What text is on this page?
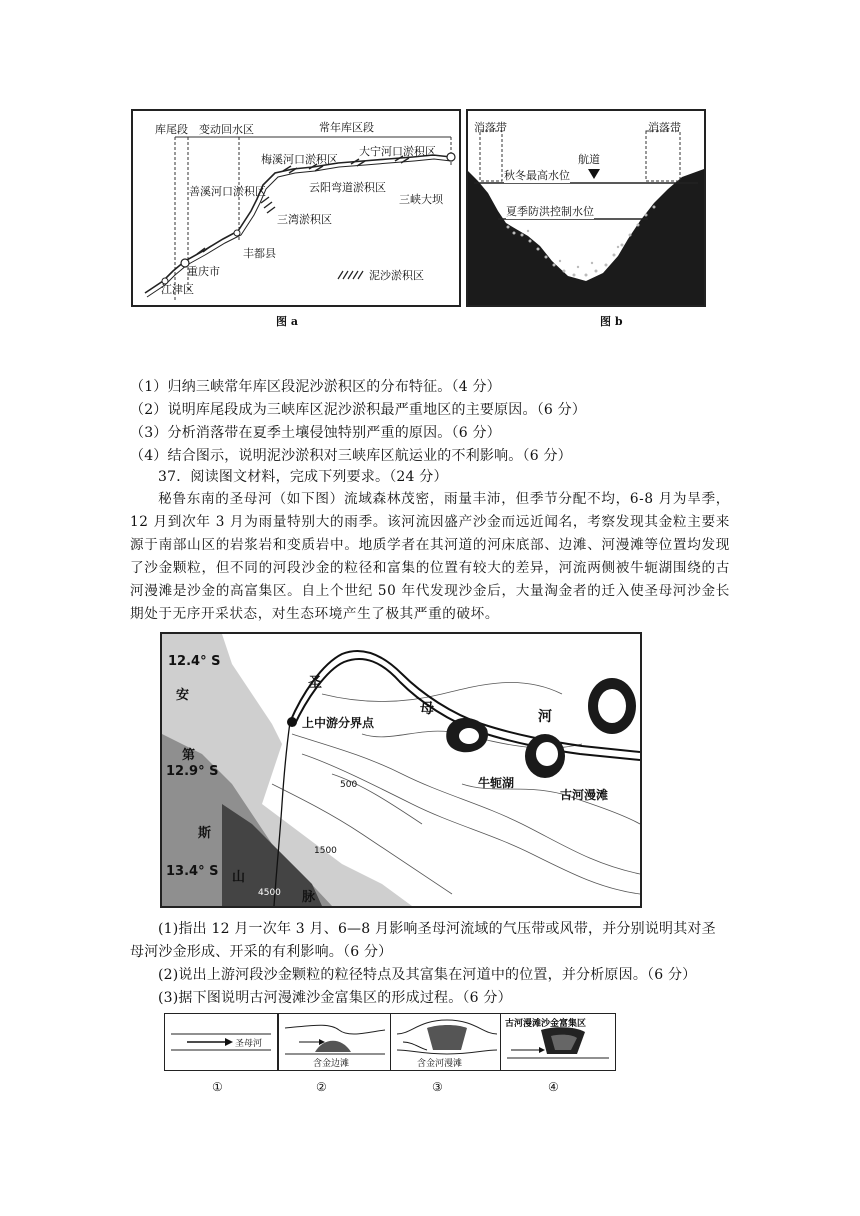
库尾段 变动回水区	常年库区段
梅溪河口淤积区
大宁河口淤积区
云阳弯道淤积区
三峡大坝
善溪河口淤积区
三湾淤积区
丰都县
重庆市
江津区
泥沙淤积区
图 a
消落带	消落带
航道
秋冬最高水位
夏季防洪控制水位
淤积泥沙
图 b
（1）归纳三峡常年库区段泥沙淤积区的分布特征。（4 分）
（2）说明库尾段成为三峡库区泥沙淤积最严重地区的主要原因。（6 分）
（3）分析消落带在夏季土壤侵蚀特别严重的原因。（6 分）
（4）结合图示，说明泥沙淤积对三峡库区航运业的不利影响。（6 分）
37．阅读图文材料，完成下列要求。（24 分）
秘鲁东南的圣母河（如下图）流域森林茂密，雨量丰沛，但季节分配不均，6-8 月为旱季，12 月到次年 3 月为雨量特别大的雨季。该河流因盛产沙金而远近闻名，考察发现其金粒主要来源于南部山区的岩浆岩和变质岩中。地质学者在其河道的河床底部、边滩、河漫滩等位置均发现了沙金颗粒，但不同的河段沙金的粒径和富集的位置有较大的差异，河流两侧被牛轭湖围绕的古河漫滩是沙金的高富集区。自上个世纪 50 年代发现沙金后，大量淘金者的迁入使圣母河沙金长期处于无序开采状态，对生态环境产生了极其严重的破坏。
12.4° S
12.9° S
13.4° S
圣
母	河
安
第
斯
山
脉
上中游分界点
牛轭湖
古河漫滩
500
1500
4500
(1)指出 12 月一次年 3 月、6—8 月影响圣母河流域的气压带或风带，并分别说明其对圣
母河沙金形成、开采的有利影响。（6 分）
(2)说出上游河段沙金颗粒的粒径特点及其富集在河道中的位置，并分析原因。（6 分）
(3)据下图说明古河漫滩沙金富集区的形成过程。（6 分）
圣母河
含金边滩	含金河漫滩
古河漫滩沙金富集区
①	②	③	④
